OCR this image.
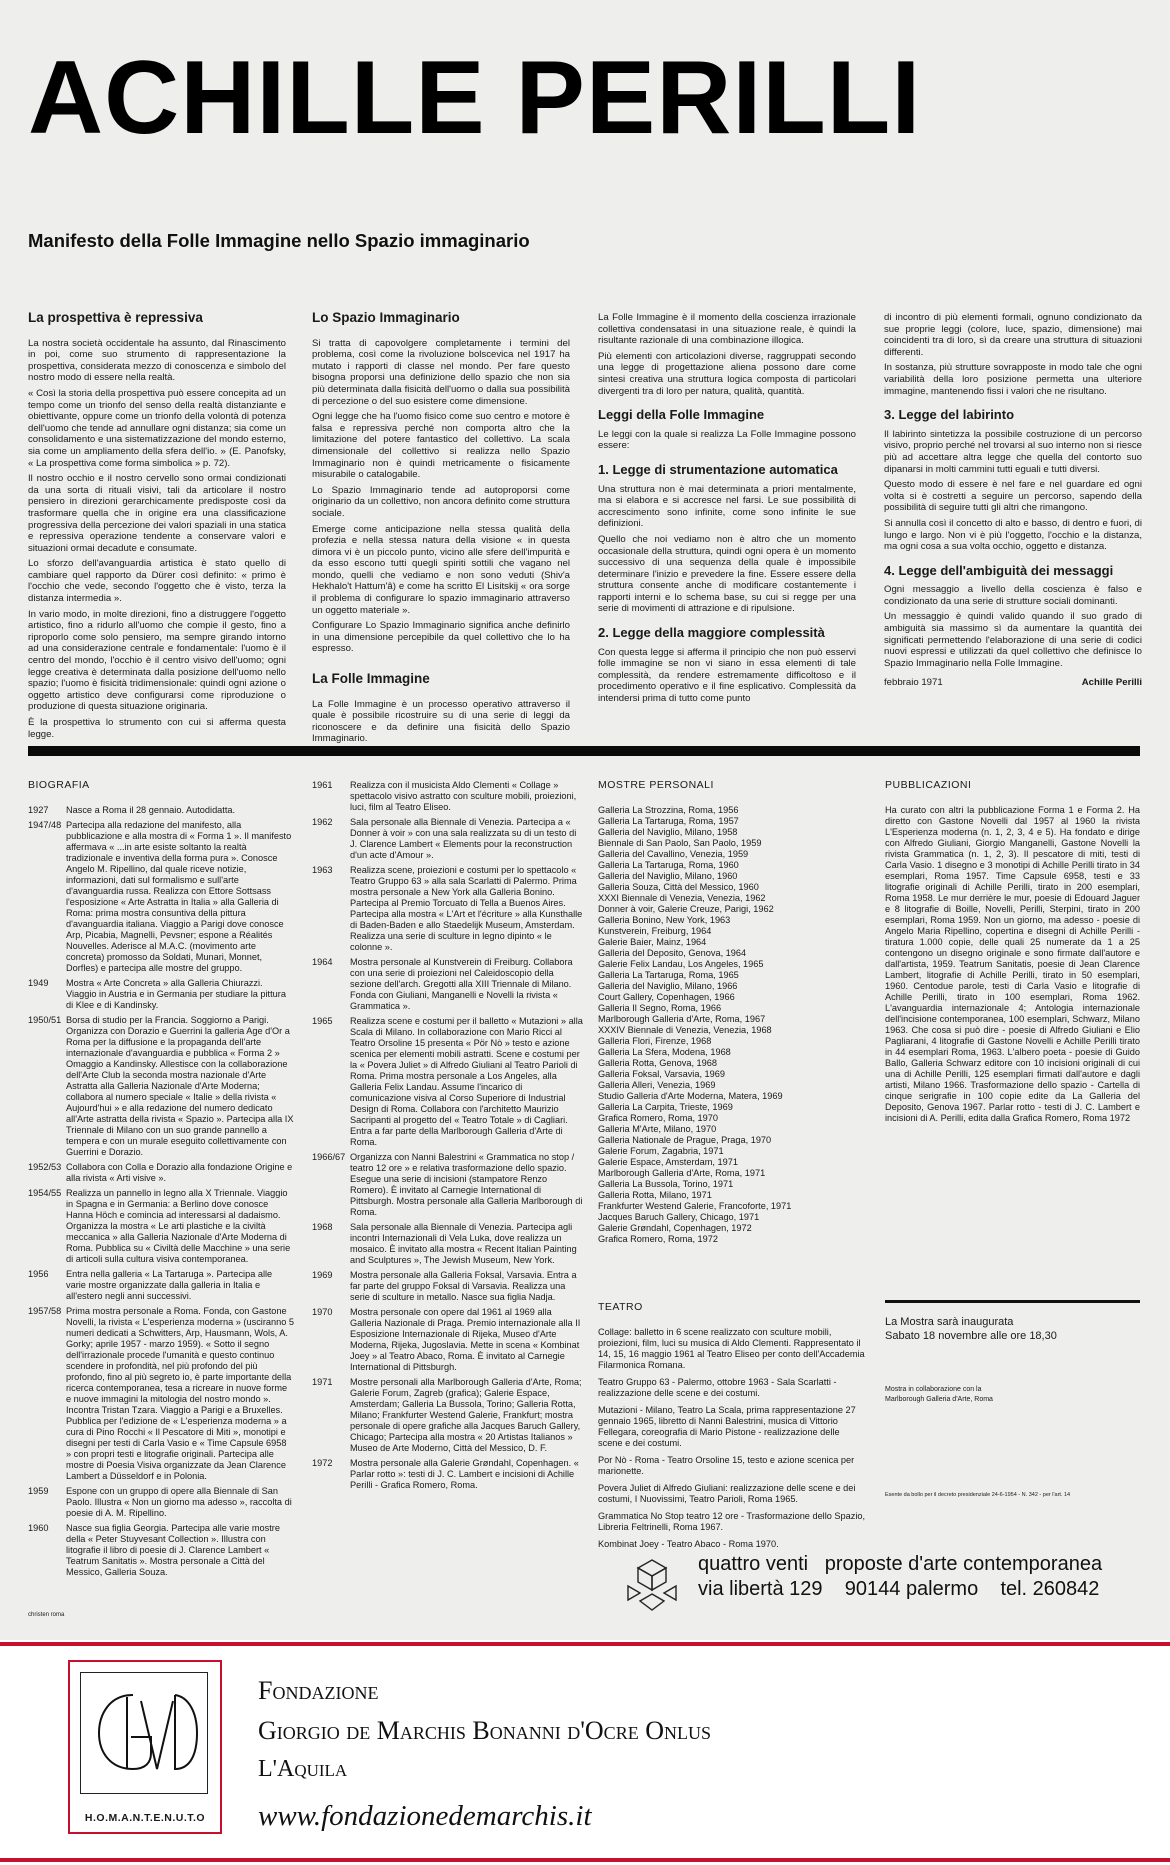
ACHILLE PERILLI
Manifesto della Folle Immagine nello Spazio immaginario
La prospettiva è repressiva

La nostra società occidentale ha assunto, dal Rinascimento in poi, come suo strumento di rappresentazione la prospettiva, considerata mezzo di conoscenza e simbolo del nostro modo di essere nella realtà.

« Così la storia della prospettiva può essere concepita ad un tempo come un trionfo del senso della realtà distanziante e obiettivante, oppure come un trionfo della volontà di potenza dell'uomo che tende ad annullare ogni distanza; sia come un consolidamento e una sistematizzazione del mondo esterno, sia come un ampliamento della sfera dell'io. » (E. Panofsky, « La prospettiva come forma simbolica » p. 72).

Il nostro occhio e il nostro cervello sono ormai condizionati da una sorta di rituali visivi, tali da articolare il nostro pensiero in direzioni gerarchicamente predisposte così da trasformare quella che in origine era una classificazione progressiva della percezione dei valori spaziali in una statica e repressiva operazione tendente a conservare valori e situazioni ormai decadute e consumate.

Lo sforzo dell'avanguardia artistica è stato quello di cambiare quel rapporto da Dürer così definito: « primo è l'occhio che vede, secondo l'oggetto che è visto, terza la distanza intermedia ».

In vario modo, in molte direzioni, fino a distruggere l'oggetto artistico, fino a ridurlo all'uomo che compie il gesto, fino a riproporlo come solo pensiero, ma sempre girando intorno ad una considerazione centrale e fondamentale: l'uomo è il centro del mondo, l'occhio è il centro visivo dell'uomo; ogni legge creativa è determinata dalla posizione dell'uomo nello spazio; l'uomo è fisicità tridimensionale: quindi ogni azione o oggetto artistico deve configurarsi come riproduzione o produzione di questa situazione originaria.

È la prospettiva lo strumento con cui si afferma questa legge.

Lo Spazio Immaginario

Si tratta di capovolgere completamente i termini del problema, così come la rivoluzione bolscevica nel 1917 ha mutato i rapporti di classe nel mondo. Per fare questo bisogna proporsi una definizione dello spazio che non sia più determinata dalla fisicità dell'uomo o dalla sua possibilità di percezione o del suo esistere come dimensione.

Ogni legge che ha l'uomo fisico come suo centro e motore è falsa e repressiva perché non comporta altro che la limitazione del potere fantastico del collettivo. La scala dimensionale del collettivo si realizza nello Spazio Immaginario non è quindi metricamente o fisicamente misurabile o catalogabile.

Lo Spazio Immaginario tende ad autoproporsi come originario da un collettivo, non ancora definito come struttura sociale.

Emerge come anticipazione nella stessa qualità della profezia e nella stessa natura della visione « in questa dimora vi è un piccolo punto, vicino alle sfere dell'impurità e da esso escono tutti quegli spiriti sottili che vagano nel mondo, quelli che vediamo e non sono veduti (Shiv'a Hekhalo't Hattum'â) e come ha scritto El Lisitskij « ora sorge il problema di configurare lo spazio immaginario attraverso un oggetto materiale ».

Configurare Lo Spazio Immaginario significa anche definirlo in una dimensione percepibile da quel collettivo che lo ha espresso.

La Folle Immagine

La Folle Immagine è un processo operativo attraverso il quale è possibile ricostruire su di una serie di leggi da riconoscere e da definire una fisicità dello Spazio Immaginario.

La Folle Immagine è il momento della coscienza irrazionale collettiva condensatasi in una situazione reale, è quindi la risultante razionale di una combinazione illogica.

Più elementi con articolazioni diverse, raggruppati secondo una legge di progettazione aliena possono dare come sintesi creativa una struttura logica composta di particolari divergenti tra di loro per natura, qualità, quantità.

Leggi della Folle Immagine

Le leggi con la quale si realizza La Folle Immagine possono essere:

1. Legge di strumentazione automatica

Una struttura non è mai determinata a priori mentalmente, ma si elabora e si accresce nel farsi. Le sue possibilità di accrescimento sono infinite, come sono infinite le sue definizioni.

Quello che noi vediamo non è altro che un momento occasionale della struttura, quindi ogni opera è un momento successivo di una sequenza della quale è impossibile determinare l'inizio e prevedere la fine. Essere essere della struttura consente anche di modificare costantemente i rapporti interni e lo schema base, su cui si regge per una serie di movimenti di attrazione e di ripulsione.

2. Legge della maggiore complessità

Con questa legge si afferma il principio che non può esservi folle immagine se non vi siano in essa elementi di tale complessità, da rendere estremamente difficoltoso e il procedimento operativo e il fine esplicativo. Complessità da intendersi prima di tutto come punto

di incontro di più elementi formali, ognuno condizionato da sue proprie leggi (colore, luce, spazio, dimensione) mai coincidenti tra di loro, sì da creare una struttura di situazioni differenti.

In sostanza, più strutture sovrapposte in modo tale che ogni variabilità della loro posizione permetta una ulteriore immagine, mantenendo fissi i valori che ne risultano.

3. Legge del labirinto

Il labirinto sintetizza la possibile costruzione di un percorso visivo, proprio perché nel trovarsi al suo interno non si riesce più ad accettare altra legge che quella del contorto suo dipanarsi in molti cammini tutti eguali e tutti diversi.

Questo modo di essere è nel fare e nel guardare ed ogni volta si è costretti a seguire un percorso, sapendo della possibilità di seguire tutti gli altri che rimangono.

Si annulla così il concetto di alto e basso, di dentro e fuori, di lungo e largo. Non vi è più l'oggetto, l'occhio e la distanza, ma ogni cosa a sua volta occhio, oggetto e distanza.

4. Legge dell'ambiguità dei messaggi

Ogni messaggio a livello della coscienza è falso e condizionato da una serie di strutture sociali dominanti.

Un messaggio è quindi valido quando il suo grado di ambiguità sia massimo sì da aumentare la quantità dei significati permettendo l'elaborazione di una serie di codici nuovi espressi e utilizzati da quel collettivo che definisce lo Spazio Immaginario nella Folle Immagine.

febbraio 1971	Achille Perilli
BIOGRAFIA
1927	Nasce a Roma il 28 gennaio. Autodidatta.
1947/48 Partecipa alla redazione del manifesto, alla pubblicazione e alla mostra di « Forma 1 ». Il manifesto affermava « ...in arte esiste soltanto la realtà tradizionale e inventiva della forma pura ». Conosce Angelo M. Ripellino, dal quale riceve notizie, informazioni, dati sul formalismo e sull'arte d'avanguardia russa. Realizza con Ettore Sottsass l'esposizione « Arte Astratta in Italia » alla Galleria di Roma: prima mostra consuntiva della pittura d'avanguardia italiana. Viaggio a Parigi dove conosce Arp, Picabia, Magnelli, Pevsner; espone a Réalités Nouvelles. Aderisce al M.A.C. (movimento arte concreta) promosso da Soldati, Munari, Monnet, Dorfles) e partecipa alle mostre del gruppo.
1949	Mostra « Arte Concreta » alla Galleria Chiurazzi. Viaggio in Austria e in Germania per studiare la pittura di Klee e di Kandinsky.
1950/51 Borsa di studio per la Francia. Soggiorno a Parigi. Organizza con Dorazio e Guerrini la galleria Age d'Or a Roma per la diffusione e la propaganda dell'arte internazionale d'avanguardia e pubblica « Forma 2 » Omaggio a Kandinsky. Allestisce con la collaborazione dell'Arte Club la seconda mostra nazionale d'Arte Astratta alla Galleria Nazionale d'Arte Moderna; collabora al numero speciale « Italie » della rivista « Aujourd'hui » e alla redazione del numero dedicato all'Arte astratta della rivista « Spazio ». Partecipa alla IX Triennale di Milano con un suo grande pannello a tempera e con un murale eseguito collettivamente con Guerrini e Dorazio.
1952/53 Collabora con Colla e Dorazio alla fondazione Origine e alla rivista « Arti visive ».
1954/55 Realizza un pannello in legno alla X Triennale. Viaggio in Spagna e in Germania: a Berlino dove conosce Hanna Höch e comincia ad interessarsi al dadaismo. Organizza la mostra « Le arti plastiche e la civiltà meccanica » alla Galleria Nazionale d'Arte Moderna di Roma. Pubblica su « Civiltà delle Macchine » una serie di articoli sulla cultura visiva contemporanea.
1956	Entra nella galleria « La Tartaruga ». Partecipa alle varie mostre organizzate dalla galleria in Italia e all'estero negli anni successivi.
1957/58 Prima mostra personale a Roma. Fonda, con Gastone Novelli, la rivista « L'esperienza moderna » (usciranno 5 numeri dedicati a Schwitters, Arp, Hausmann, Wols, A. Gorky; aprile 1957 - marzo 1959). « Sotto il segno dell'irrazionale procede l'umanità e questo continuo scendere in profondità, nel più profondo del più profondo, fino al più segreto io, è parte importante della ricerca contemporanea, tesa a ricreare in nuove forme e nuove immagini la mitologia del nostro mondo ». Incontra Tristan Tzara. Viaggio a Parigi e a Bruxelles. Pubblica per l'edizione de « L'esperienza moderna » a cura di Pino Rocchi « Il Pescatore di Miti », monotipi e disegni per testi di Carla Vasio e « Time Capsule 6958 » con propri testi e litografie originali. Partecipa alle mostre di Poesia Visiva organizzate da Jean Clarence Lambert a Düsseldorf e in Polonia.
1959	Espone con un gruppo di opere alla Biennale di San Paolo. Illustra « Non un giorno ma adesso », raccolta di poesie di A. M. Ripellino.
1960	Nasce sua figlia Georgia. Partecipa alle varie mostre della « Peter Stuyvesant Collection ». Illustra con litografie il libro di poesie di J. Clarence Lambert « Teatrum Sanitatis ». Mostra personale a Città del Messico, Galleria Souza.
1961	Realizza con il musicista Aldo Clementi « Collage » spettacolo visivo astratto con sculture mobili, proiezioni, luci, film al Teatro Eliseo.
1962	Sala personale alla Biennale di Venezia. Partecipa a « Donner à voir » con una sala realizzata su di un testo di J. Clarence Lambert « Elements pour la reconstruction d'un acte d'Amour ».
1963	Realizza scene, proiezioni e costumi per lo spettacolo « Teatro Gruppo 63 » alla sala Scarlatti di Palermo. Prima mostra personale a New York alla Galleria Bonino. Partecipa al Premio Torcuato di Tella a Buenos Aires. Partecipa alla mostra « L'Art et l'écriture » alla Kunsthalle di Baden-Baden e allo Staedelijk Museum, Amsterdam. Realizza una serie di sculture in legno dipinto « le colonne ».
1964	Mostra personale al Kunstverein di Freiburg. Collabora con una serie di proiezioni nel Caleidoscopio della sezione dell'arch. Gregotti alla XIII Triennale di Milano. Fonda con Giuliani, Manganelli e Novelli la rivista « Grammatica ».
1965	Realizza scene e costumi per il balletto « Mutazioni » alla Scala di Milano. In collaborazione con Mario Ricci al Teatro Orsoline 15 presenta « Pör Nò » testo e azione scenica per elementi mobili astratti. Scene e costumi per la « Povera Juliet » di Alfredo Giuliani al Teatro Parioli di Roma. Prima mostra personale a Los Angeles, alla Galleria Felix Landau. Assume l'incarico di comunicazione visiva al Corso Superiore di Industrial Design di Roma. Collabora con l'architetto Maurizio Sacripanti al progetto del « Teatro Totale » di Cagliari. Entra a far parte della Marlborough Galleria d'Arte di Roma.
1966/67 Organizza con Nanni Balestrini « Grammatica no stop / teatro 12 ore » e relativa trasformazione dello spazio. Esegue una serie di incisioni (stampatore Renzo Romero). È invitato al Carnegie International di Pittsburgh. Mostra personale alla Galleria Marlborough di Roma.
1968	Sala personale alla Biennale di Venezia. Partecipa agli incontri Internazionali di Vela Luka, dove realizza un mosaico. È invitato alla mostra « Recent Italian Painting and Sculptures », The Jewish Museum, New York.
1969	Mostra personale alla Galleria Foksal, Varsavia. Entra a far parte del gruppo Foksal di Varsavia. Realizza una serie di sculture in metallo. Nasce sua figlia Nadja.
1970	Mostra personale con opere dal 1961 al 1969 alla Galleria Nazionale di Praga. Premio internazionale alla II Esposizione Internazionale di Rijeka, Museo d'Arte Moderna, Rijeka, Jugoslavia. Mette in scena « Kombinat Joey » al Teatro Abaco, Roma. È invitato al Carnegie International di Pittsburgh.
1971	Mostre personali alla Marlborough Galleria d'Arte, Roma; Galerie Forum, Zagreb (grafica); Galerie Espace, Amsterdam; Galleria La Bussola, Torino; Galleria Rotta, Milano; Frankfurter Westend Galerie, Frankfurt; mostra personale di opere grafiche alla Jacques Baruch Gallery, Chicago; Partecipa alla mostra « 20 Artistas Italianos » Museo de Arte Moderno, Città del Messico, D. F.
1972	Mostra personale alla Galerie Grøndahl, Copenhagen. « Parlar rotto »: testi di J. C. Lambert e incisioni di Achille Perilli - Grafica Romero, Roma.
MOSTRE PERSONALI
Galleria La Strozzina, Roma, 1956
Galleria La Tartaruga, Roma, 1957
Galleria del Naviglio, Milano, 1958
Biennale di San Paolo, San Paolo, 1959
Galleria del Cavallino, Venezia, 1959
Galleria La Tartaruga, Roma, 1960
Galleria del Naviglio, Milano, 1960
Galleria Souza, Città del Messico, 1960
XXXI Biennale di Venezia, Venezia, 1962
Donner à voir, Galerie Creuze, Parigi, 1962
Galleria Bonino, New York, 1963
Kunstverein, Freiburg, 1964
Galerie Baier, Mainz, 1964
Galleria del Deposito, Genova, 1964
Galerie Felix Landau, Los Angeles, 1965
Galleria La Tartaruga, Roma, 1965
Galleria del Naviglio, Milano, 1966
Court Gallery, Copenhagen, 1966
Galleria Il Segno, Roma, 1966
Marlborough Galleria d'Arte, Roma, 1967
XXXIV Biennale di Venezia, Venezia, 1968
Galleria Flori, Firenze, 1968
Galleria La Sfera, Modena, 1968
Galleria Rotta, Genova, 1968
Galleria Foksal, Varsavia, 1969
Galleria Alleri, Venezia, 1969
Studio Galleria d'Arte Moderna, Matera, 1969
Galleria La Carpita, Trieste, 1969
Grafica Romero, Roma, 1970
Galleria M'Arte, Milano, 1970
Galleria Nationale de Prague, Praga, 1970
Galerie Forum, Zagabria, 1971
Galerie Espace, Amsterdam, 1971
Marlborough Galleria d'Arte, Roma, 1971
Galleria La Bussola, Torino, 1971
Galleria Rotta, Milano, 1971
Frankfurter Westend Galerie, Francoforte, 1971
Jacques Baruch Gallery, Chicago, 1971
Galerie Grøndahl, Copenhagen, 1972
Grafica Romero, Roma, 1972
TEATRO

Collage: balletto in 6 scene realizzato con sculture mobili, proiezioni, film, luci su musica di Aldo Clementi. Rappresentato il 14, 15, 16 maggio 1961 al Teatro Eliseo per conto dell'Accademia Filarmonica Romana.

Teatro Gruppo 63 - Palermo, ottobre 1963 - Sala Scarlatti - realizzazione delle scene e dei costumi.

Mutazioni - Milano, Teatro La Scala, prima rappresentazione 27 gennaio 1965, libretto di Nanni Balestrini, musica di Vittorio Fellegara, coreografia di Mario Pistone - realizzazione delle scene e dei costumi.

Por Nò - Roma - Teatro Orsoline 15, testo e azione scenica per marionette.

Povera Juliet di Alfredo Giuliani: realizzazione delle scene e dei costumi, I Nuovissimi, Teatro Parioli, Roma 1965.

Grammatica No Stop teatro 12 ore - Trasformazione dello Spazio, Libreria Feltrinelli, Roma 1967.

Kombinat Joey - Teatro Abaco - Roma 1970.

PUBBLICAZIONI
Ha curato con altri la pubblicazione Forma 1 e Forma 2. Ha diretto con Gastone Novelli dal 1957 al 1960 la rivista L'Esperienza moderna (n. 1, 2, 3, 4 e 5). Ha fondato e dirige con Alfredo Giuliani, Giorgio Manganelli, Gastone Novelli la rivista Grammatica (n. 1, 2, 3). Il pescatore di miti, testi di Carla Vasio. 1 disegno e 3 monotipi di Achille Perilli tirato in 34 esemplari, Roma 1957. Time Capsule 6958, testi e 33 litografie originali di Achille Perilli, tirato in 200 esemplari, Roma 1958. Le mur derrière le mur, poesie di Edouard Jaguer e 8 litografie di Boille, Novelli, Perilli, Sterpini, tirato in 200 esemplari, Roma 1959. Non un giorno, ma adesso - poesie di Angelo Maria Ripellino, copertina e disegni di Achille Perilli - tiratura 1.000 copie, delle quali 25 numerate da 1 a 25 contengono un disegno originale e sono firmate dall'autore e dall'artista, 1959. Teatrum Sanitatis, poesie di Jean Clarence Lambert, litografie di Achille Perilli, tirato in 50 esemplari, 1960. Centodue parole, testi di Carla Vasio e litografie di Achille Perilli, tirato in 100 esemplari, Roma 1962. L'avanguardia internazionale 4; Antologia internazionale dell'incisione contemporanea, 100 esemplari, Schwarz, Milano 1963. Che cosa si può dire - poesie di Alfredo Giuliani e Elio Pagliarani, 4 litografie di Gastone Novelli e Achille Perilli tirato in 44 esemplari Roma, 1963. L'albero poeta - poesie di Guido Ballo, Galleria Schwarz editore con 10 incisioni originali di cui una di Achille Perilli, 125 esemplari firmati dall'autore e dagli artisti, Milano 1966. Trasformazione dello spazio - Cartella di cinque serigrafie in 100 copie edite da La Galleria del Deposito, Genova 1967. Parlar rotto - testi di J. C. Lambert e incisioni di A. Perilli, edita dalla Grafica Romero, Roma 1972
La Mostra sarà inaugurata
Sabato 18 novembre alle ore 18,30
Mostra in collaborazione con la
Marlborough Galleria d'Arte, Roma
Esente da bollo per il decreto presidenziale 24-6-1954 - N. 342 - per l'art. 14
quattro venti proposte d'arte contemporanea
via libertà 129 90144 palermo tel. 260842
christen roma
H.O.M.A.N.T.E.N.U.T.O
Fondazione
Giorgio de Marchis Bonanni d'Ocre Onlus
L'Aquila
www.fondazionedemarchis.it
